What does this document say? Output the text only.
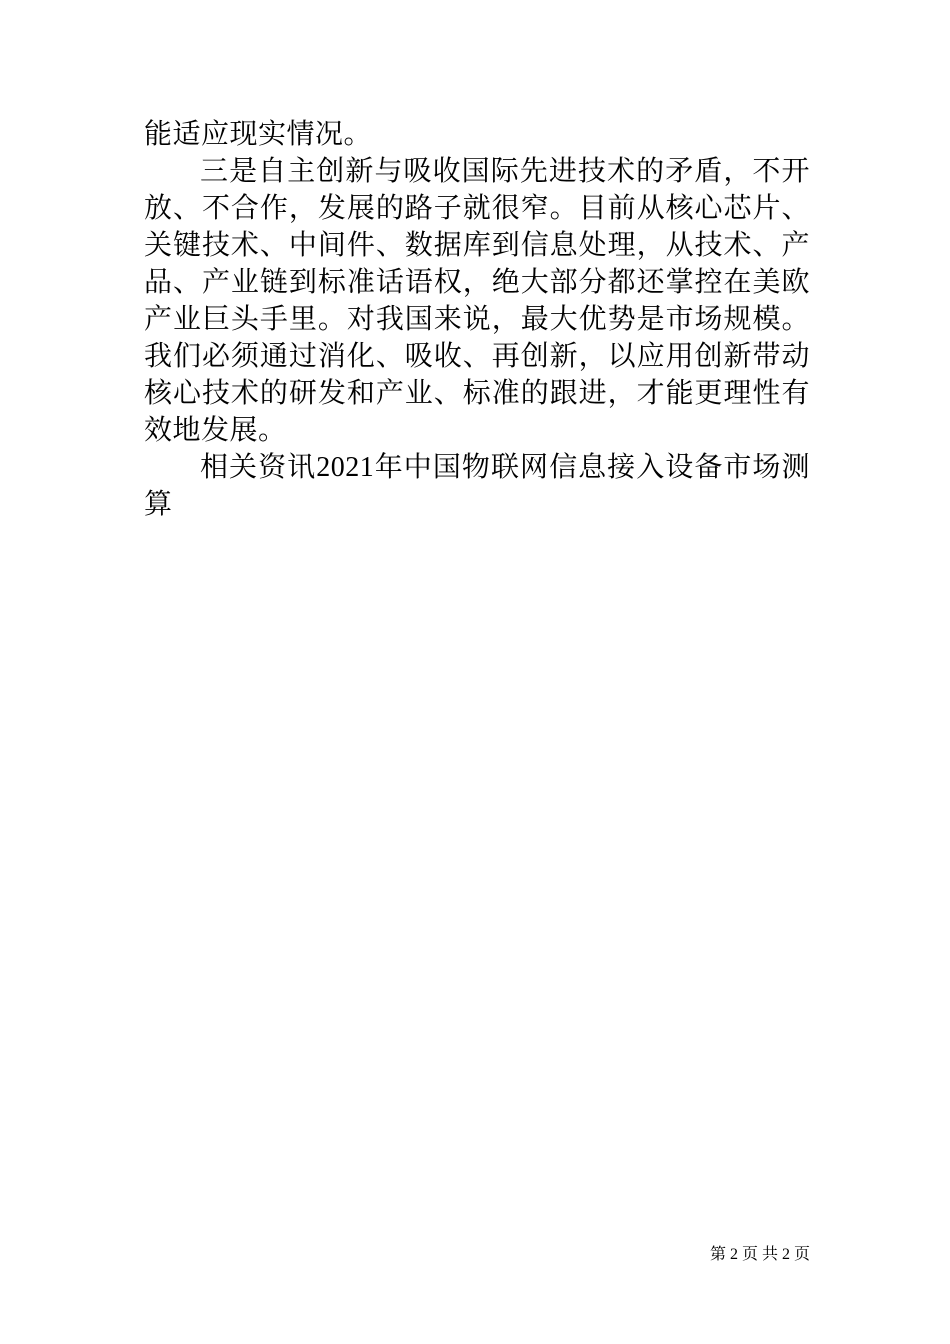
能适应现实情况。

三是自主创新与吸收国际先进技术的矛盾，不开放、不合作，发展的路子就很窄。目前从核心芯片、关键技术、中间件、数据库到信息处理，从技术、产品、产业链到标准话语权，绝大部分都还掌控在美欧产业巨头手里。对我国来说，最大优势是市场规模。我们必须通过消化、吸收、再创新，以应用创新带动核心技术的研发和产业、标准的跟进，才能更理性有效地发展。

相关资讯2021年中国物联网信息接入设备市场测算

第 2 页 共 2 页
